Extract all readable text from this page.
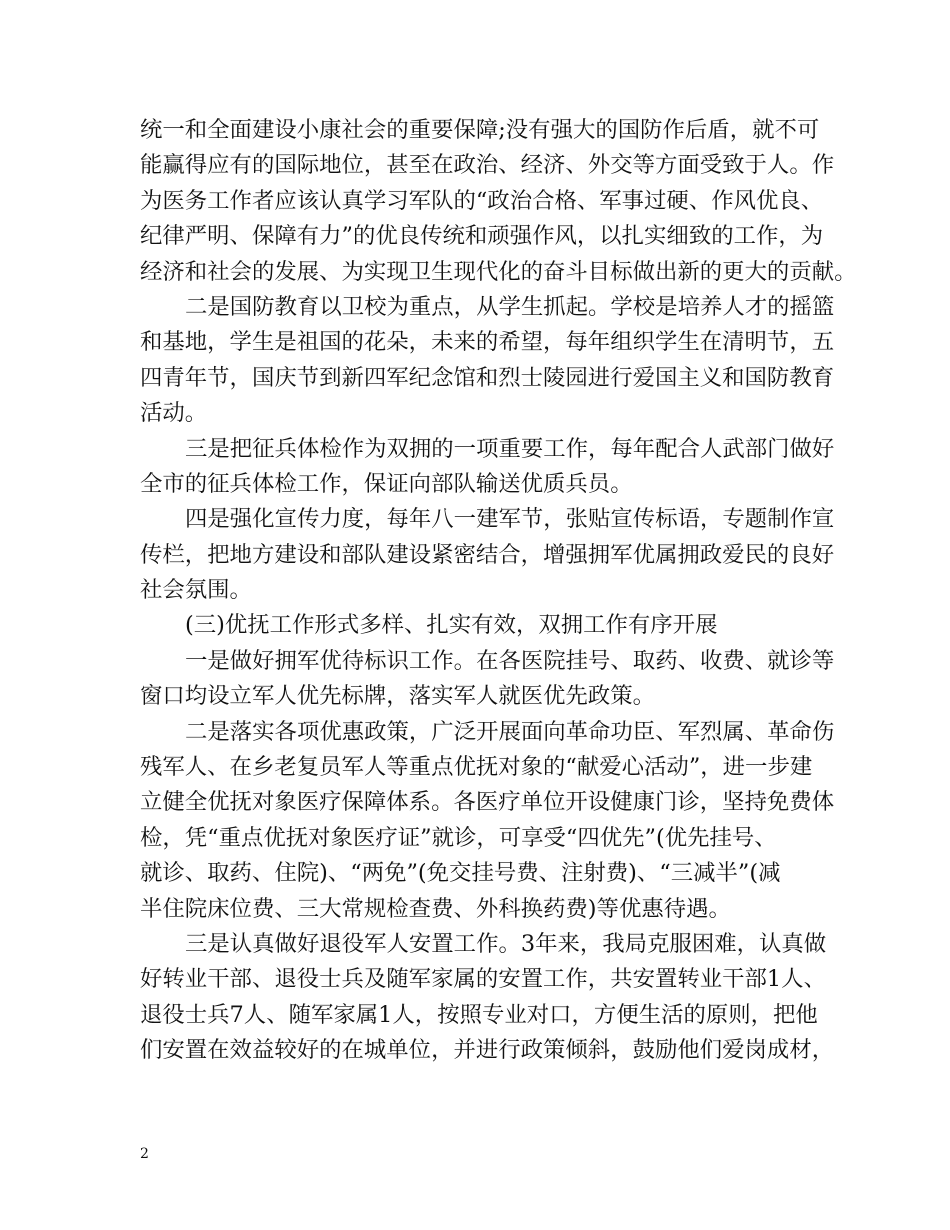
统一和全面建设小康社会的重要保障;没有强大的国防作后盾，就不可
能赢得应有的国际地位，甚至在政治、经济、外交等方面受致于人。作
为医务工作者应该认真学习军队的“政治合格、军事过硬、作风优良、
纪律严明、保障有力”的优良传统和顽强作风，以扎实细致的工作，为
经济和社会的发展、为实现卫生现代化的奋斗目标做出新的更大的贡献。
二是国防教育以卫校为重点，从学生抓起。学校是培养人才的摇篮
和基地，学生是祖国的花朵，未来的希望，每年组织学生在清明节，五
四青年节，国庆节到新四军纪念馆和烈士陵园进行爱国主义和国防教育
活动。
三是把征兵体检作为双拥的一项重要工作，每年配合人武部门做好
全市的征兵体检工作，保证向部队输送优质兵员。
四是强化宣传力度，每年八一建军节，张贴宣传标语，专题制作宣
传栏，把地方建设和部队建设紧密结合，增强拥军优属拥政爱民的良好
社会氛围。
(三)优抚工作形式多样、扎实有效，双拥工作有序开展
一是做好拥军优待标识工作。在各医院挂号、取药、收费、就诊等
窗口均设立军人优先标牌，落实军人就医优先政策。
二是落实各项优惠政策，广泛开展面向革命功臣、军烈属、革命伤
残军人、在乡老复员军人等重点优抚对象的“献爱心活动”，进一步建
立健全优抚对象医疗保障体系。各医疗单位开设健康门诊，坚持免费体
检，凭“重点优抚对象医疗证”就诊，可享受“四优先”(优先挂号、
就诊、取药、住院)、“两免”(免交挂号费、注射费)、“三减半”(减
半住院床位费、三大常规检查费、外科换药费)等优惠待遇。
三是认真做好退役军人安置工作。3年来，我局克服困难，认真做
好转业干部、退役士兵及随军家属的安置工作，共安置转业干部1人、
退役士兵7人、随军家属1人，按照专业对口，方便生活的原则，把他
们安置在效益较好的在城单位，并进行政策倾斜，鼓励他们爱岗成材，
2
